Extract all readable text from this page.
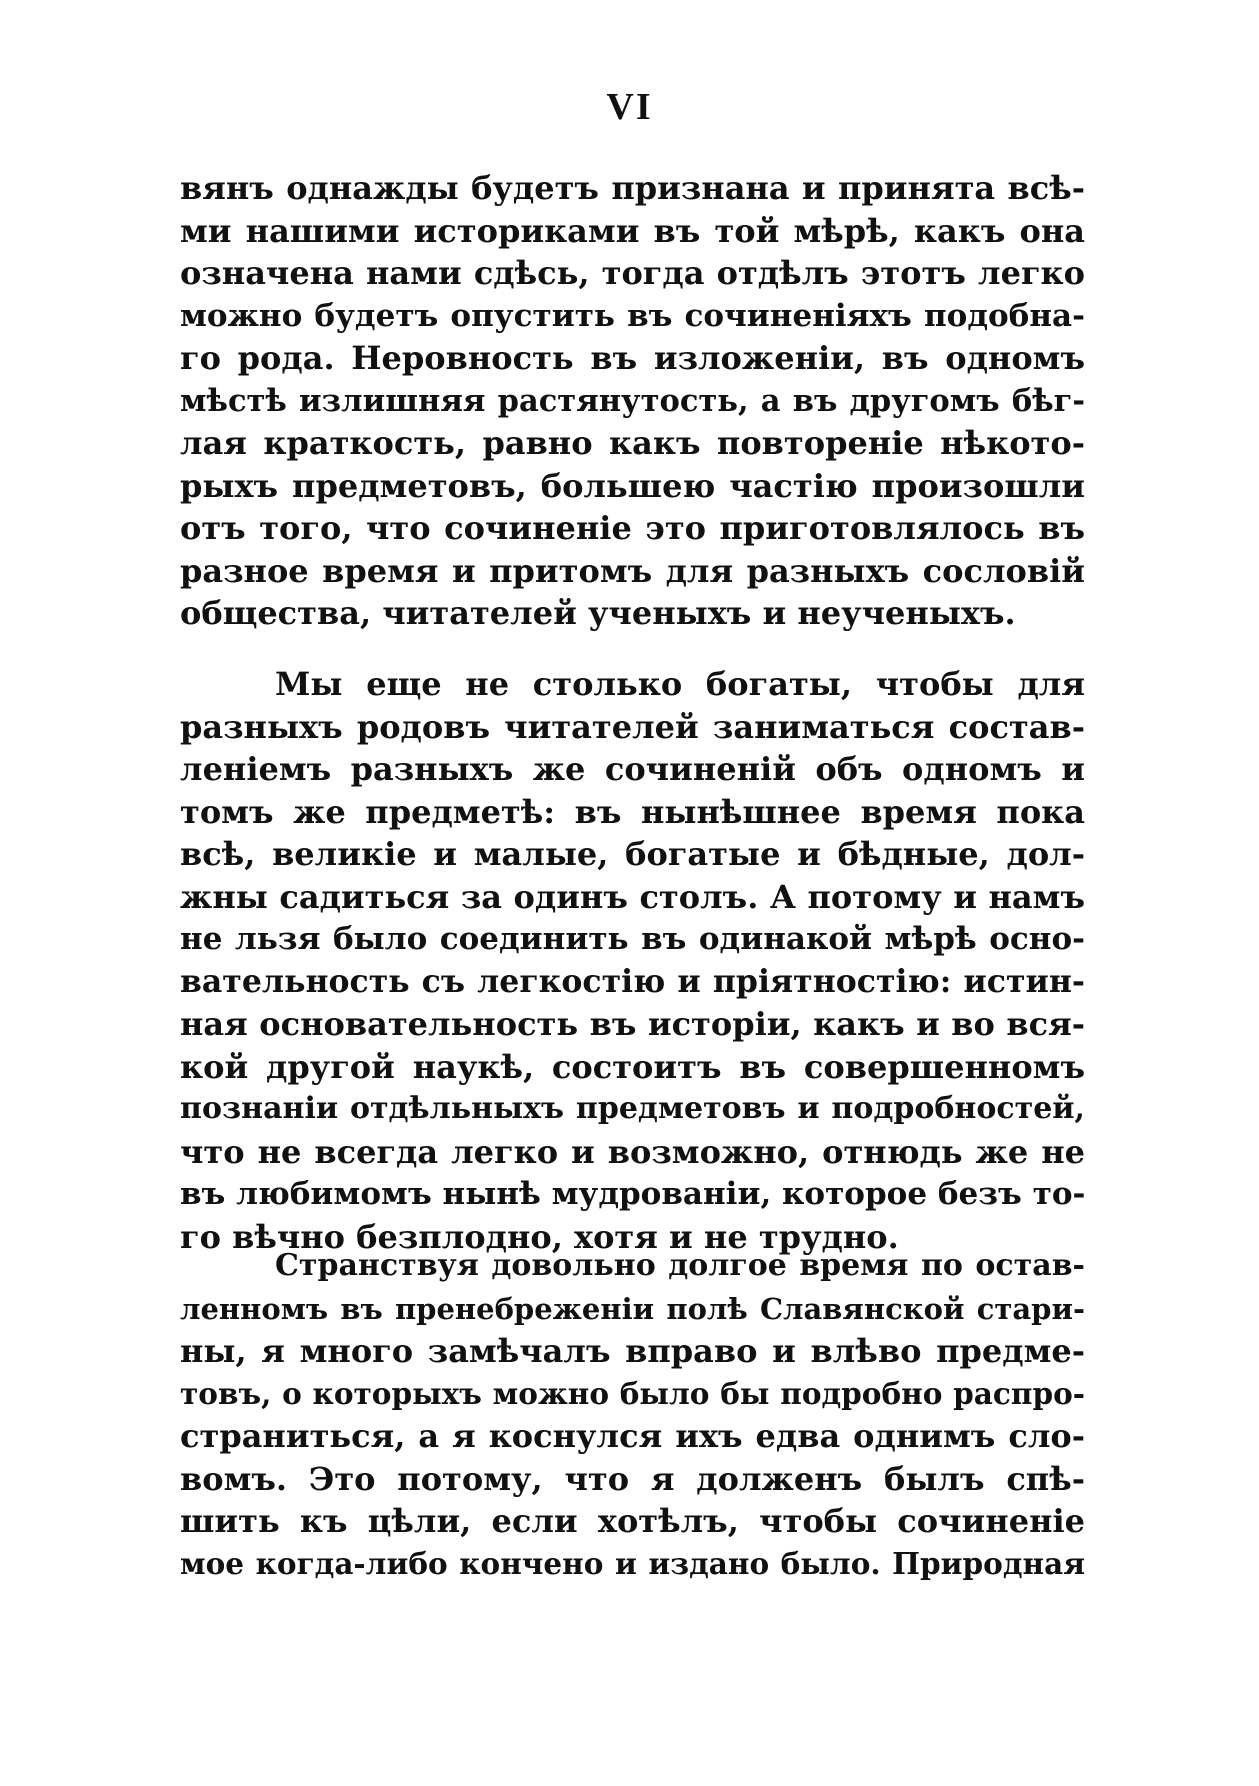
VI
вянъ однажды будетъ признана и принята всѣ-
ми нашими историками въ той мѣрѣ, какъ она
означена нами сдѣсь, тогда отдѣлъ этотъ легко
можно будетъ опустить въ сочиненіяхъ подобна-
го рода. Неровность въ изложеніи, въ одномъ
мѣстѣ излишняя растянутость, а въ другомъ бѣг-
лая краткость, равно какъ повтореніе нѣкото-
рыхъ предметовъ, большею частію произошли
отъ того, что сочиненіе это приготовлялось въ
разное время и притомъ для разныхъ сословій
общества, читателей ученыхъ и неученыхъ.
Мы еще не столько богаты, чтобы для
разныхъ родовъ читателей заниматься состав-
леніемъ разныхъ же сочиненій объ одномъ и
томъ же предметѣ: въ нынѣшнее время пока
всѣ, великіе и малые, богатые и бѣдные, дол-
жны садиться за одинъ столъ. А потому и намъ
не льзя было соединить въ одинакой мѣрѣ осно-
вательность съ легкостію и пріятностію: истин-
ная основательность въ исторіи, какъ и во вся-
кой другой наукѣ, состоитъ въ совершенномъ
познаніи отдѣльныхъ предметовъ и подробностей,
что не всегда легко и возможно, отнюдь же не
въ любимомъ нынѣ мудрованіи, которое безъ то-
го вѣчно безплодно, хотя и не трудно.
Странствуя довольно долгое время по остав-
ленномъ въ пренебреженіи полѣ Славянской стари-
ны, я много замѣчалъ вправо и влѣво предме-
товъ, о которыхъ можно было бы подробно распро-
страниться, а я коснулся ихъ едва однимъ сло-
вомъ. Это потому, что я долженъ былъ спѣ-
шить къ цѣли, если хотѣлъ, чтобы сочиненіе
мое когда-либо кончено и издано было. Природная
